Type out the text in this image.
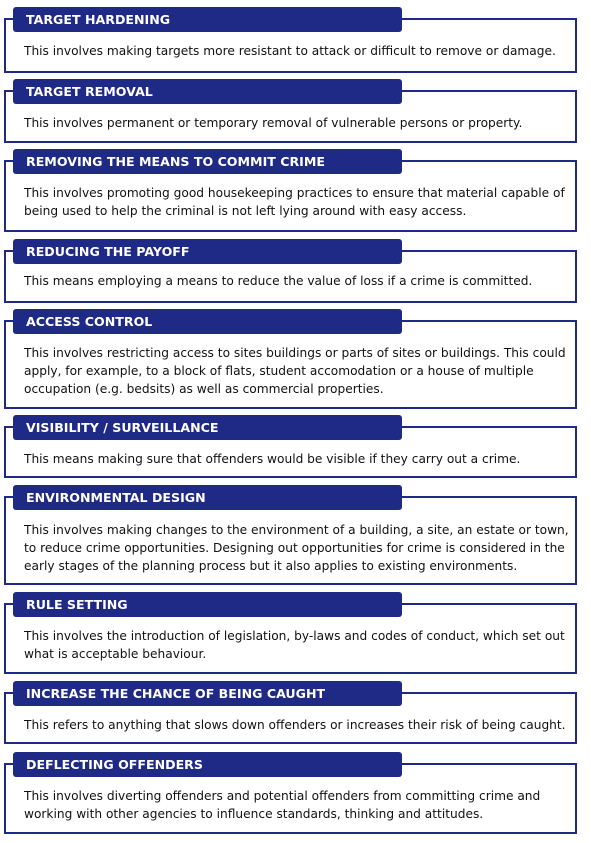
This involves making targets more resistant to attack or difficult to remove or damage.

TARGET HARDENING

This involves permanent or temporary removal of vulnerable persons or property.

TARGET REMOVAL

This involves promoting good housekeeping practices to ensure that material capable of being used to help the criminal is not left lying around with easy access.

REMOVING THE MEANS TO COMMIT CRIME

This means employing a means to reduce the value of loss if a crime is committed.

REDUCING THE PAYOFF

This involves restricting access to sites buildings or parts of sites or buildings. This could apply, for example, to a block of flats, student accomodation or a house of multiple occupation (e.g. bedsits) as well as commercial properties.

ACCESS CONTROL

This means making sure that offenders would be visible if they carry out a crime.

VISIBILITY / SURVEILLANCE

This involves making changes to the environment of a building, a site, an estate or town, to reduce crime opportunities. Designing out opportunities for crime is considered in the early stages of the planning process but it also applies to existing environments.

ENVIRONMENTAL DESIGN

This involves the introduction of legislation, by-laws and codes of conduct, which set out what is acceptable behaviour.

RULE SETTING

This refers to anything that slows down offenders or increases their risk of being caught.

INCREASE THE CHANCE OF BEING CAUGHT

This involves diverting offenders and potential offenders from committing crime and working with other agencies to influence standards, thinking and attitudes.

DEFLECTING OFFENDERS
